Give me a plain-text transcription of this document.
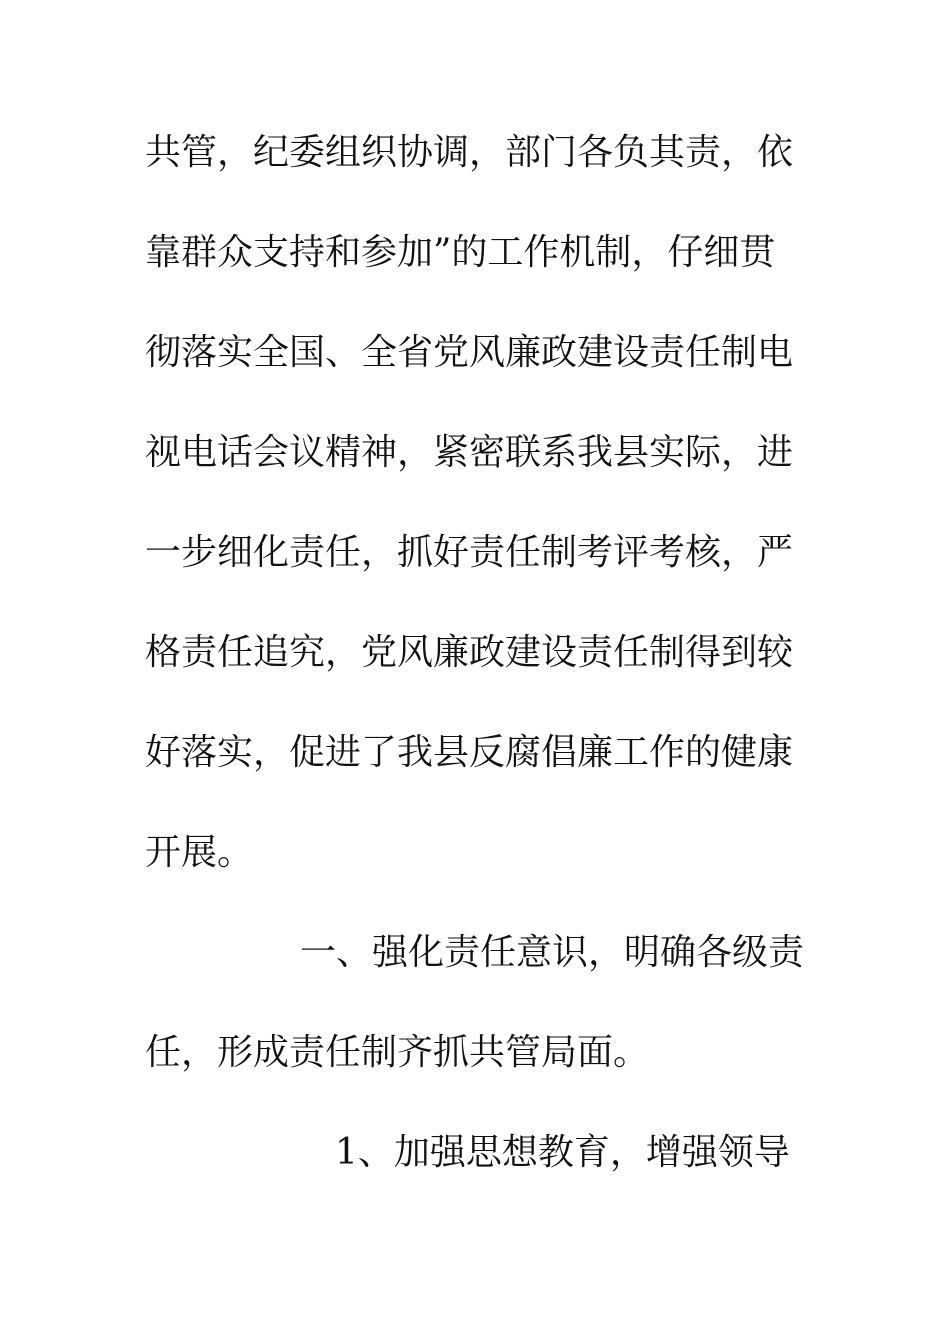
共管，纪委组织协调，部门各负其责，依
靠群众支持和参加”的工作机制，仔细贯
彻落实全国、全省党风廉政建设责任制电
视电话会议精神，紧密联系我县实际，进
一步细化责任，抓好责任制考评考核，严
格责任追究，党风廉政建设责任制得到较
好落实，促进了我县反腐倡廉工作的健康
开展。
一、强化责任意识，明确各级责
任，形成责任制齐抓共管局面。
1、加强思想教育，增强领导
